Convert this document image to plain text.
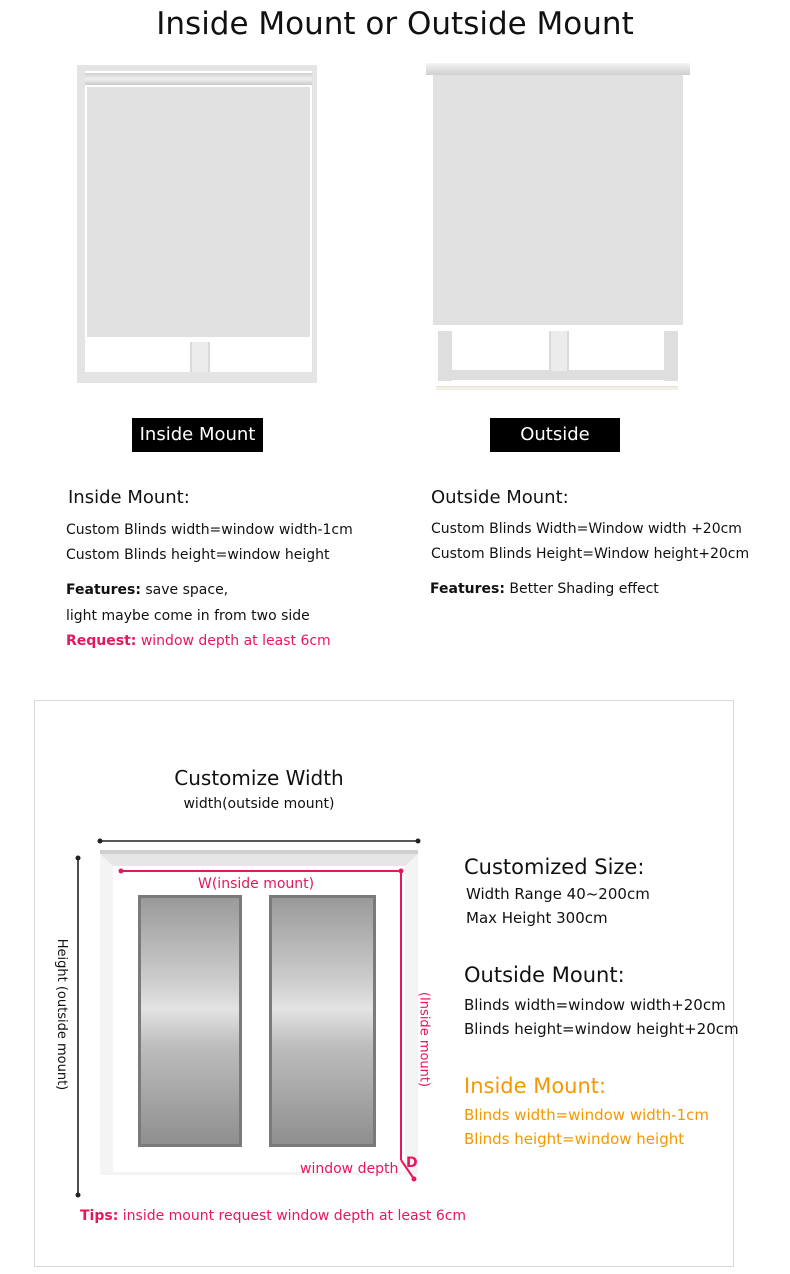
Inside Mount or Outside Mount
Inside Mount	Outside Mount
Inside Mount:
Custom Blinds width=window width-1cm
Custom Blinds height=window height
Features: save space,
light maybe come in from two side
Request: window depth at least 6cm
Outside Mount:
Custom Blinds Width=Window width +20cm
Custom Blinds Height=Window height+20cm
Features: Better Shading effect
Customize Width
width(outside mount)
W(inside mount)
Height (outside mount)	(Inside mount)
window depth D
Customized Size:
Width Range 40~200cm
Max Height 300cm
Outside Mount:
Blinds width=window width+20cm
Blinds height=window height+20cm
Inside Mount:
Blinds width=window width-1cm
Blinds height=window height
Tips: inside mount request window depth at least 6cm
